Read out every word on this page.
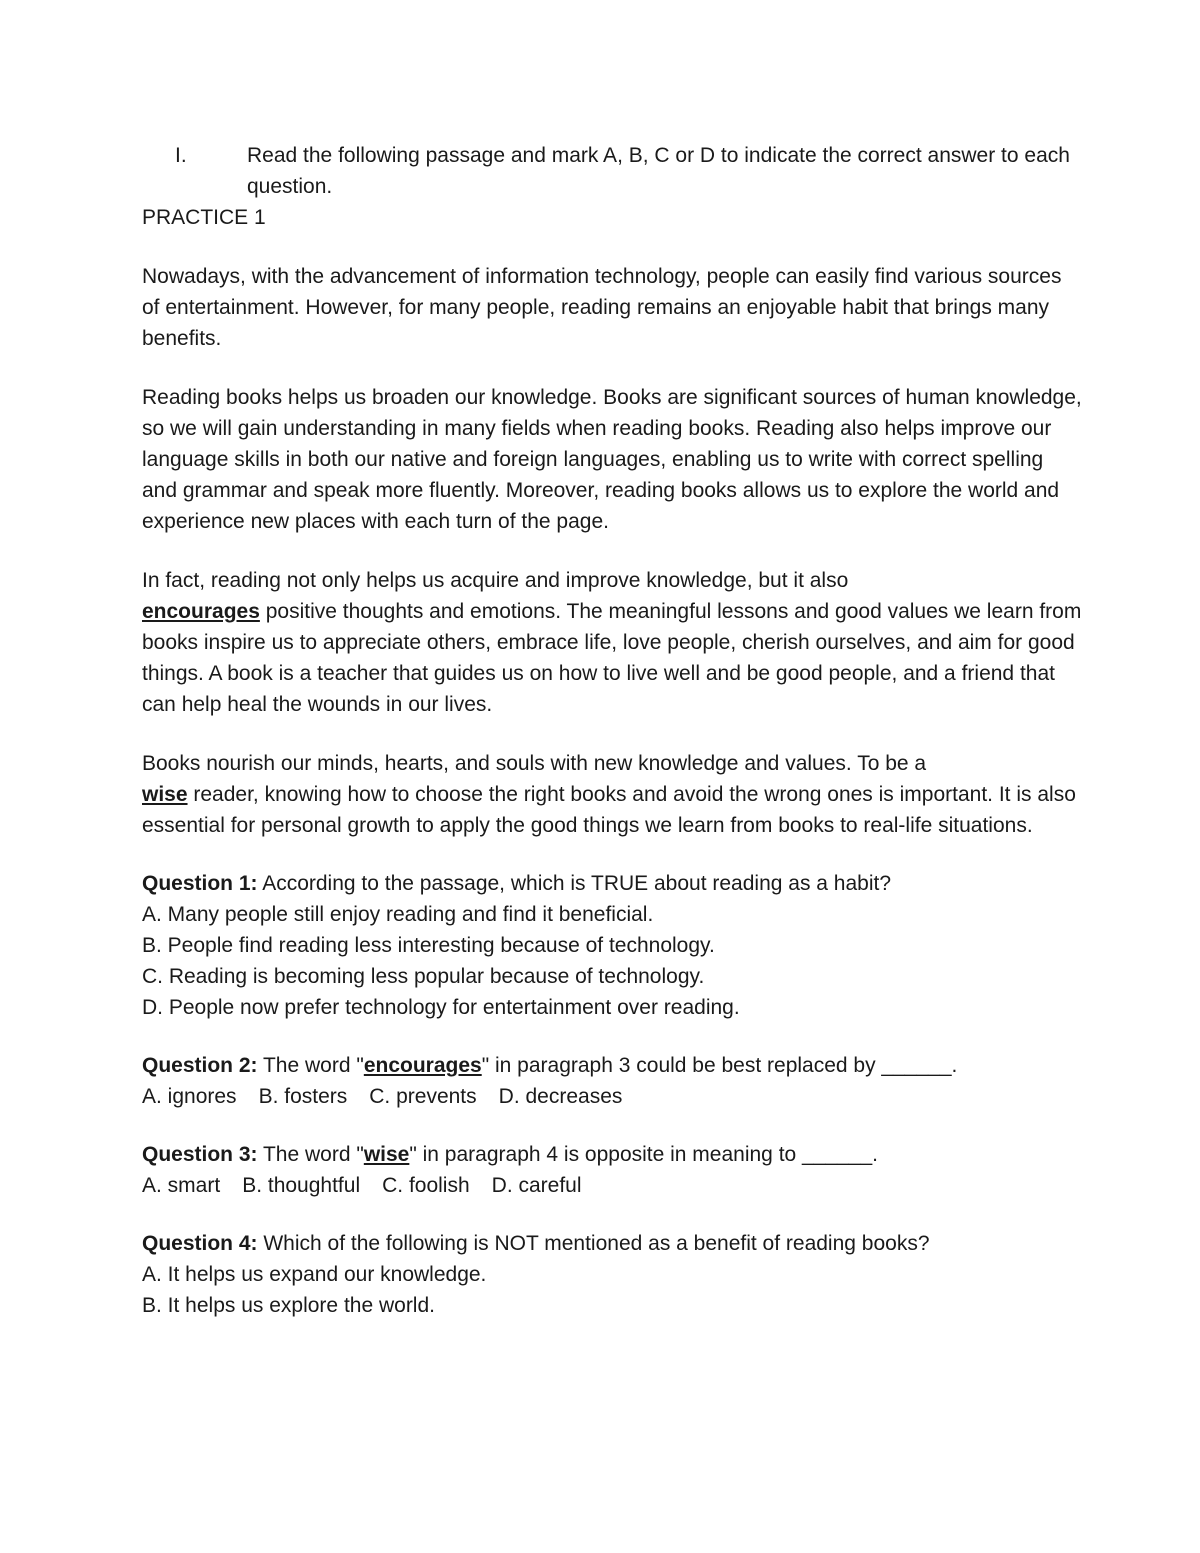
I.	Read the following passage and mark A, B, C or D to indicate the correct answer to each question.

PRACTICE 1

Nowadays, with the advancement of information technology, people can easily find various sources of entertainment. However, for many people, reading remains an enjoyable habit that brings many benefits.

Reading books helps us broaden our knowledge. Books are significant sources of human knowledge, so we will gain understanding in many fields when reading books. Reading also helps improve our language skills in both our native and foreign languages, enabling us to write with correct spelling and grammar and speak more fluently. Moreover, reading books allows us to explore the world and experience new places with each turn of the page.

In fact, reading not only helps us acquire and improve knowledge, but it also
encourages positive thoughts and emotions. The meaningful lessons and good values we learn from books inspire us to appreciate others, embrace life, love people, cherish ourselves, and aim for good things. A book is a teacher that guides us on how to live well and be good people, and a friend that can help heal the wounds in our lives.

Books nourish our minds, hearts, and souls with new knowledge and values. To be a
wise reader, knowing how to choose the right books and avoid the wrong ones is important. It is also essential for personal growth to apply the good things we learn from books to real-life situations.

Question 1: According to the passage, which is TRUE about reading as a habit?

A. Many people still enjoy reading and find it beneficial.

B. People find reading less interesting because of technology.

C. Reading is becoming less popular because of technology.

D. People now prefer technology for entertainment over reading.

Question 2: The word "encourages" in paragraph 3 could be best replaced by ______.

A. ignores B. fosters C. prevents D. decreases

Question 3: The word "wise" in paragraph 4 is opposite in meaning to ______.

A. smart B. thoughtful C. foolish D. careful

Question 4: Which of the following is NOT mentioned as a benefit of reading books?

A. It helps us expand our knowledge.

B. It helps us explore the world.
